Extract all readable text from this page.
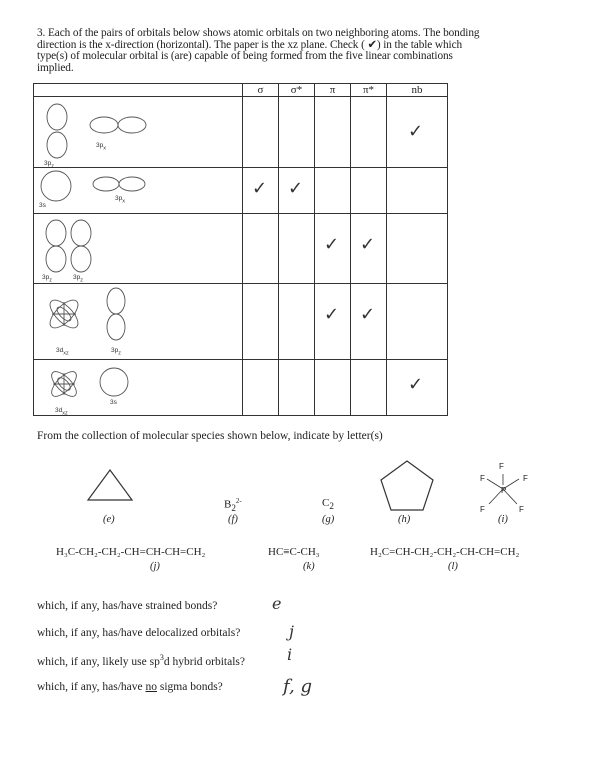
3. Each of the pairs of orbitals below shows atomic orbitals on two neighboring atoms. The bonding

direction is the x-direction (horizontal). The paper is the xz plane. Check ( ✔) in the table which

type(s) of molecular orbital is (are) capable of being formed from the five linear combinations

implied.

	σ	σ*	π	π*	nb

$3p_x$
$3p_z$					✓

$3p_x$
3s	✓	✓			

$3p_z$ $3p_z$			✓	✓	

$3d_{xz}$ $3p_z$			✓	✓	

3s
$3d_{xz}$					✓
From the collection of molecular species shown below, indicate by letter(s)
(e)
$B_2^{2-}$
(f)
$C_2$
(g)	(h)
F
F	F
P
F	F
(i)
H₃C-CH₂-CH₂-CH=CH-CH=CH₂
(j)
HC≡C-CH₃
(k)
H₂C=CH-CH₂-CH₂-CH-CH=CH₂
(l)
which, if any, has/have strained bonds?	e
which, if any, has/have delocalized orbitals?	j
which, if any, likely use $sp^3d$ hybrid orbitals?	i
which, if any, has/have no sigma bonds?	f, g
